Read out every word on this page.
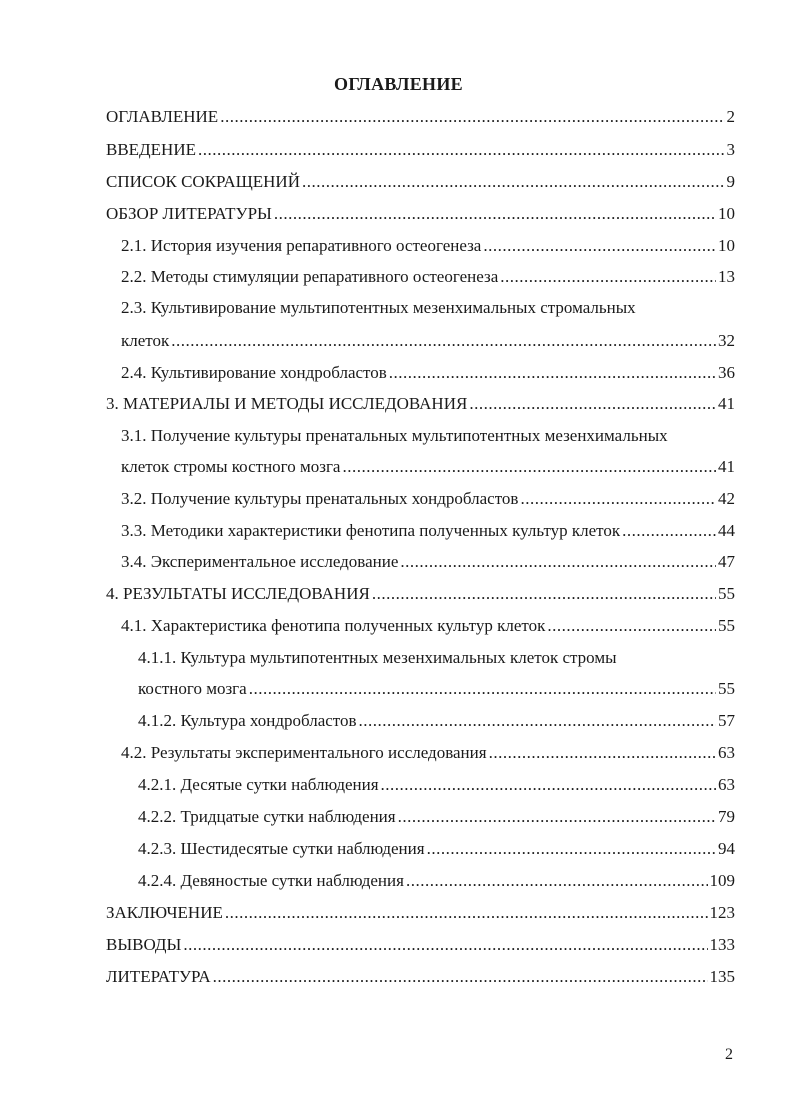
ОГЛАВЛЕНИЕ
ОГЛАВЛЕНИЕ .....	2
ВВЕДЕНИЕ .....	3
СПИСОК СОКРАЩЕНИЙ .....	9
ОБЗОР ЛИТЕРАТУРЫ .....	10
2.1. История изучения репаративного остеогенеза .....	10
2.2. Методы стимуляции репаративного остеогенеза .....	13
2.3. Культивирование мультипотентных мезенхимальных стромальных
клеток .....	32
2.4. Культивирование хондробластов .....	36
3. МАТЕРИАЛЫ И МЕТОДЫ ИССЛЕДОВАНИЯ .....	41
3.1. Получение культуры пренатальных мультипотентных мезенхимальных
клеток стромы костного мозга .....	41
3.2. Получение культуры пренатальных хондробластов .....	42
3.3. Методики характеристики фенотипа полученных культур клеток .....	44
3.4. Экспериментальное исследование .....	47
4. РЕЗУЛЬТАТЫ ИССЛЕДОВАНИЯ .....	55
4.1. Характеристика фенотипа полученных культур клеток .....	55
4.1.1. Культура мультипотентных мезенхимальных клеток стромы
костного мозга .....	55
4.1.2. Культура хондробластов .....	57
4.2. Результаты экспериментального исследования .....	63
4.2.1. Десятые сутки наблюдения .....	63
4.2.2. Тридцатые сутки наблюдения .....	79
4.2.3. Шестидесятые сутки наблюдения .....	94
4.2.4. Девяностые сутки наблюдения .....	109
ЗАКЛЮЧЕНИЕ .....	123
ВЫВОДЫ .....	133
ЛИТЕРАТУРА .....	135
2
